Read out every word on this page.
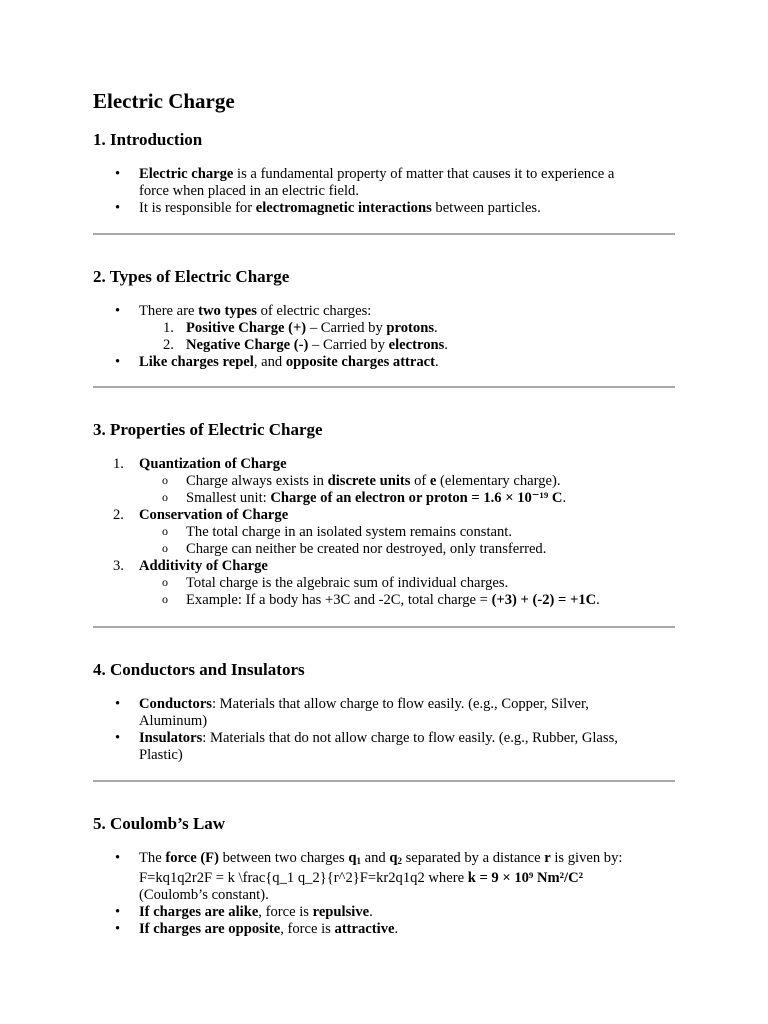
Electric Charge
1. Introduction
• Electric charge is a fundamental property of matter that causes it to experience a force when placed in an electric field.
• It is responsible for electromagnetic interactions between particles.
2. Types of Electric Charge
• There are two types of electric charges:
1. Positive Charge (+) – Carried by protons.
2. Negative Charge (-) – Carried by electrons.
• Like charges repel, and opposite charges attract.
3. Properties of Electric Charge
1. Quantization of Charge
o Charge always exists in discrete units of e (elementary charge).
o Smallest unit: Charge of an electron or proton = 1.6 × 10⁻¹⁹ C.
2. Conservation of Charge
o The total charge in an isolated system remains constant.
o Charge can neither be created nor destroyed, only transferred.
3. Additivity of Charge
o Total charge is the algebraic sum of individual charges.
o Example: If a body has +3C and -2C, total charge = (+3) + (-2) = +1C.
4. Conductors and Insulators
• Conductors: Materials that allow charge to flow easily. (e.g., Copper, Silver, Aluminum)
• Insulators: Materials that do not allow charge to flow easily. (e.g., Rubber, Glass, Plastic)
5. Coulomb’s Law
• The force (F) between two charges q1 and q2 separated by a distance r is given by: F=kq1q2r2F = k \frac{q_1 q_2}{r^2}F=kr2q1q2 where k = 9 × 10⁹ Nm²/C² (Coulomb’s constant).
• If charges are alike, force is repulsive.
• If charges are opposite, force is attractive.
